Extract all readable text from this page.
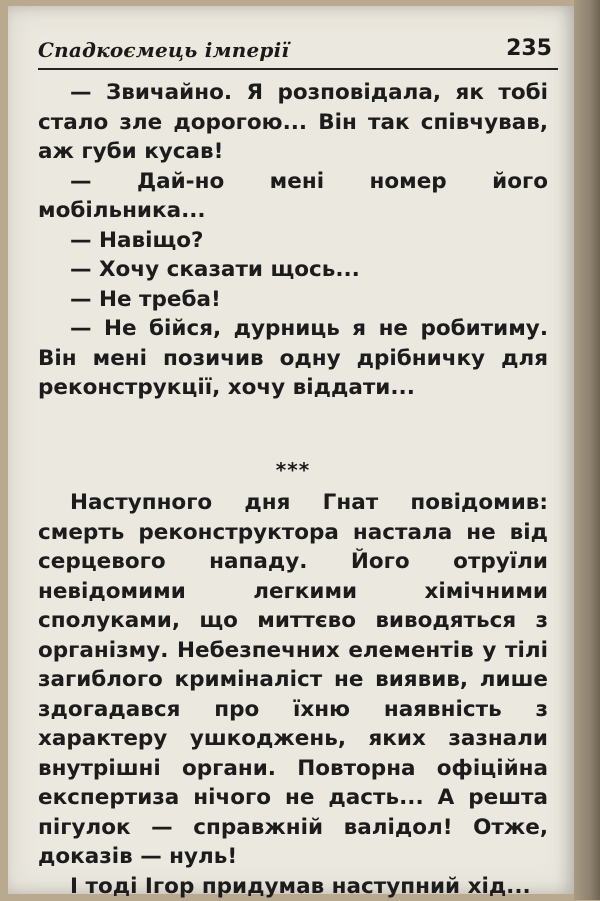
Спадкоємець імперії	235

— Звичайно. Я розповідала, як тобі стало зле дорогою... Він так співчував, аж губи кусав!

— Дай-но мені номер його мобільника...

— Навіщо?

— Хочу сказати щось...

— Не треба!

— Не бійся, дурниць я не робитиму. Він мені позичив одну дрібничку для реконструкції, хочу віддати...

***

Наступного дня Гнат повідомив: смерть реконструктора настала не від серцевого нападу. Його отруїли невідомими легкими хімічними сполуками, що миттєво виводяться з організму. Небезпечних елементів у тілі загиблого криміналіст не виявив, лише здогадався про їхню наявність з характеру ушкоджень, яких зазнали внутрішні органи. Повторна офіційна експертиза нічого не дасть... А решта пігулок — справжній валідол! Отже, доказів — нуль!

І тоді Ігор придумав наступний хід...
